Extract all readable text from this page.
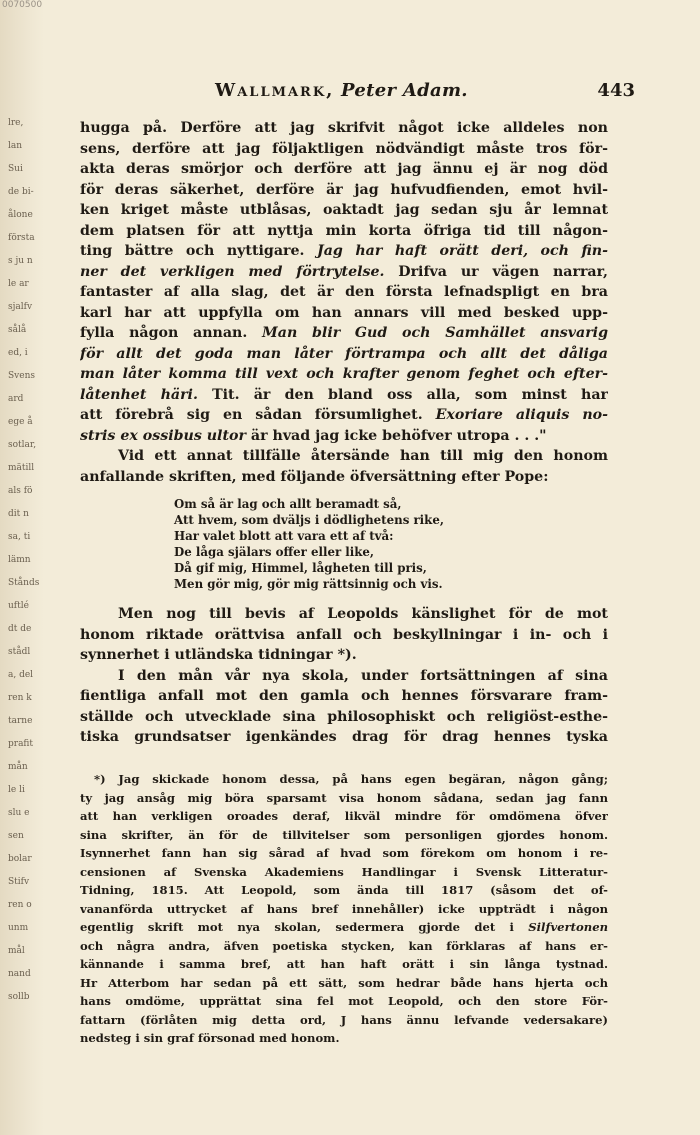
lre,
lan
Sui
de bi-
ålone
första
s ju n
le ar
sjalfv
sålå
ed, i
Svens
ard
ege å
sotlar,
mätill
als fö
dit n
sa, ti
lämn
Stånds
uftlé
dt de
stådl
a, del
ren k
tarne
prafit
mån
le li
slu e
sen
bolar
Stifv
ren o
unm
mål
nand
sollb
0070500
Wallmark, Peter Adam.	443
hugga på. Derföre att jag skrifvit något icke alldeles non
sens, derföre att jag följaktligen nödvändigt måste tros för-
akta deras smörjor och derföre att jag ännu ej är nog död
för deras säkerhet, derföre är jag hufvudfienden, emot hvil-
ken kriget måste utblåsas, oaktadt jag sedan sju år lemnat
dem platsen för att nyttja min korta öfriga tid till någon-
ting bättre och nyttigare. Jag har haft orätt deri, och fin-
ner det verkligen med förtrytelse. Drifva ur vägen narrar,
fantaster af alla slag, det är den första lefnadspligt en bra
karl har att uppfylla om han annars vill med besked upp-
fylla någon annan. Man blir Gud och Samhället ansvarig
för allt det goda man låter förtrampa och allt det dåliga
man låter komma till vext och krafter genom feghet och efter-
låtenhet häri. Tit. är den bland oss alla, som minst har
att förebrå sig en sådan försumlighet. Exoriare aliquis no-
stris ex ossibus ultor är hvad jag icke behöfver utropa . . ."
Vid ett annat tillfälle återsände han till mig den honom
anfallande skriften, med följande öfversättning efter Pope:
Om så är lag och allt beramadt så,
Att hvem, som dväljs i dödlighetens rike,
Har valet blott att vara ett af två:
De låga själars offer eller like,
Då gif mig, Himmel, lågheten till pris,
Men gör mig, gör mig rättsinnig och vis.
Men nog till bevis af Leopolds känslighet för de mot
honom riktade orättvisa anfall och beskyllningar i in- och i
synnerhet i utländska tidningar *).
I den mån vår nya skola, under fortsättningen af sina
fientliga anfall mot den gamla och hennes försvarare fram-
ställde och utvecklade sina philosophiskt och religiöst-esthe-
tiska grundsatser igenkändes drag för drag hennes tyska
*) Jag skickade honom dessa, på hans egen begäran, någon gång;
ty jag ansåg mig böra sparsamt visa honom sådana, sedan jag fann
att han verkligen oroades deraf, likväl mindre för omdömena öfver
sina skrifter, än för de tillvitelser som personligen gjordes honom.
Isynnerhet fann han sig sårad af hvad som förekom om honom i re-
censionen af Svenska Akademiens Handlingar i Svensk Litteratur-
Tidning, 1815. Att Leopold, som ända till 1817 (såsom det of-
vananförda uttrycket af hans bref innehåller) icke uppträdt i någon
egentlig skrift mot nya skolan, sedermera gjorde det i Silfvertonen
och några andra, äfven poetiska stycken, kan förklaras af hans er-
kännande i samma bref, att han haft orätt i sin långa tystnad.
Hr Atterbom har sedan på ett sätt, som hedrar både hans hjerta och
hans omdöme, upprättat sina fel mot Leopold, och den store För-
fattarn (förlåten mig detta ord, J hans ännu lefvande vedersakare)
nedsteg i sin graf försonad med honom.
